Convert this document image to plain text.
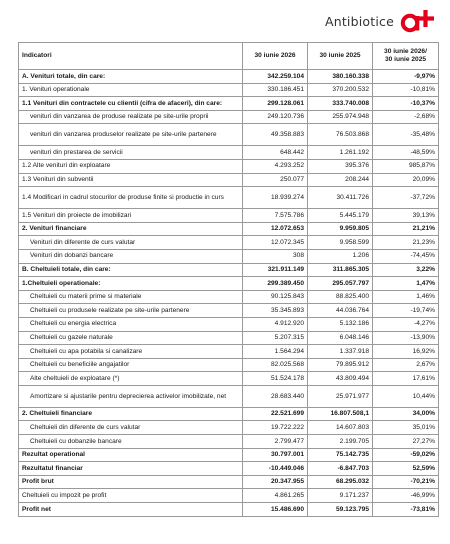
Antibiotice
Indicatori	30 iunie 2026	30 iunie 2025	30 iunie 2026/
30 iunie 2025
A. Venituri totale, din care:	342.259.104	380.160.338	-9,97%
1. Venituri operationale	330.186.451	370.200.532	-10,81%
1.1 Venituri din contractele cu clientii (cifra de afaceri), din care:	299.128.061	333.740.008	-10,37%
venituri din vanzarea de produse realizate pe site-urile proprii	249.120.736	255.974.948	-2,68%
venituri din vanzarea produselor realizate pe site-urile partenere	49.358.883	76.503.868	-35,48%
venituri din prestarea de servicii	648.442	1.261.192	-48,59%
1.2 Alte venituri din exploatare	4.293.252	395.376	985,87%
1.3 Venituri din subventii	250.077	208.244	20,09%
1.4 Modificari in cadrul stocurilor de produse finite si productie in curs	18.939.274	30.411.726	-37,72%
1.5 Venituri din proiecte de imobilizari	7.575.786	5.445.179	39,13%
2. Venituri financiare	12.072.653	9.959.805	21,21%
Venituri din diferente de curs valutar	12.072.345	9.958.599	21,23%
Venituri din dobanzi bancare	308	1.206	-74,45%
B. Cheltuieli totale, din care:	321.911.149	311.865.305	3,22%
1.Cheltuieli operationale:	299.389.450	295.057.797	1,47%
Cheltuieli cu materii prime si materiale	90.125.843	88.825.400	1,46%
Cheltuieli cu produsele realizate pe site-urile partenere	35.345.893	44.036.764	-19,74%
Cheltuieli cu energia electrica	4.912.920	5.132.186	-4,27%
Cheltuieli cu gazele naturale	5.207.315	6.048.146	-13,90%
Cheltuieli cu apa potabila si canalizare	1.564.294	1.337.918	16,92%
Cheltuieli cu beneficiile angajatilor	82.025.568	79.895.912	2,67%
Alte cheltuieli de exploatare (*)	51.524.178	43.809.494	17,61%
Amortizare si ajustarile pentru deprecierea activelor imobilizate, net	28.683.440	25.971.977	10,44%
2. Cheltuieli financiare	22.521.699	16.807.508,1	34,00%
Cheltuieli din diferente de curs valutar	19.722.222	14.607.803	35,01%
Cheltuieli cu dobanzile bancare	2.799.477	2.199.705	27,27%
Rezultat operational	30.797.001	75.142.735	-59,02%
Rezultatul financiar	-10.449.046	-6.847.703	52,59%
Profit brut	20.347.955	68.295.032	-70,21%
Cheltuieli cu impozit pe profit	4.861.265	9.171.237	-46,99%
Profit net	15.486.690	59.123.795	-73,81%
